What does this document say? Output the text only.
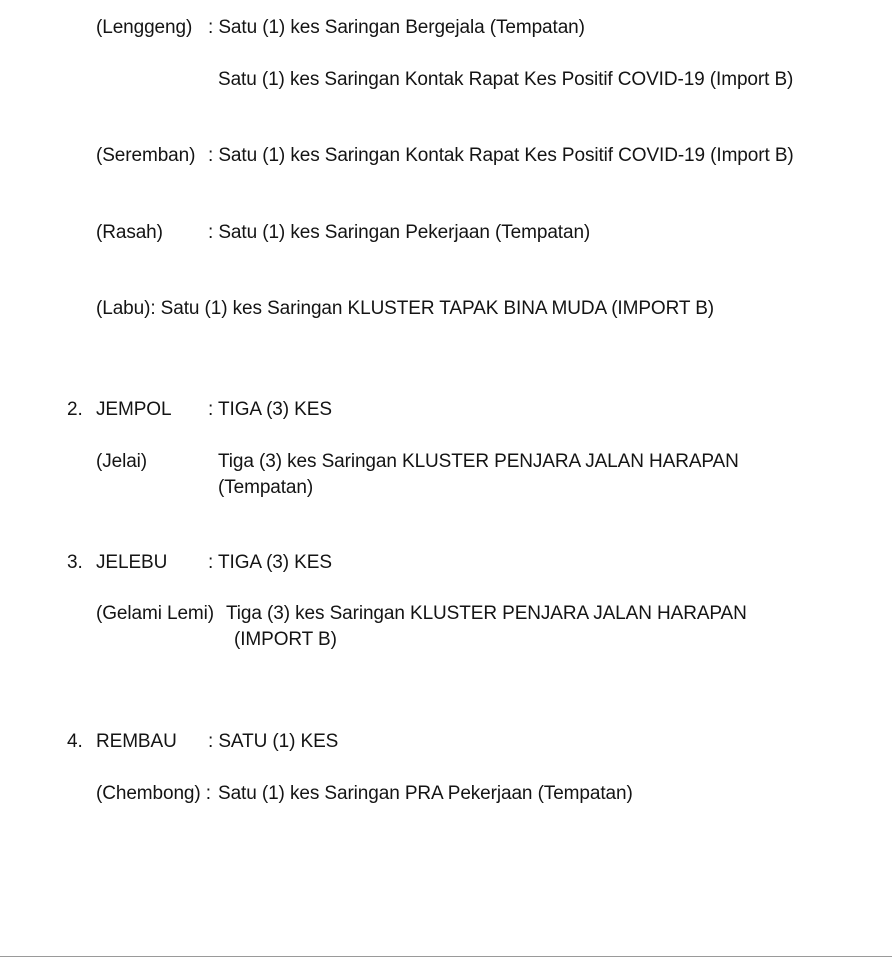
(Lenggeng) : Satu (1) kes Saringan Bergejala (Tempatan)
Satu (1) kes Saringan Kontak Rapat Kes Positif COVID-19 (Import B)
(Seremban) : Satu (1) kes Saringan Kontak Rapat Kes Positif COVID-19 (Import B)
(Rasah) : Satu (1) kes Saringan Pekerjaan (Tempatan)
(Labu): Satu (1) kes Saringan KLUSTER TAPAK BINA MUDA (IMPORT B)
2. JEMPOL : TIGA (3) KES
(Jelai)	Tiga (3) kes Saringan KLUSTER PENJARA JALAN HARAPAN
(Tempatan)
3. JELEBU : TIGA (3) KES
(Gelami Lemi) Tiga (3) kes Saringan KLUSTER PENJARA JALAN HARAPAN
(IMPORT B)
4. REMBAU : SATU (1) KES
(Chembong) : Satu (1) kes Saringan PRA Pekerjaan (Tempatan)
